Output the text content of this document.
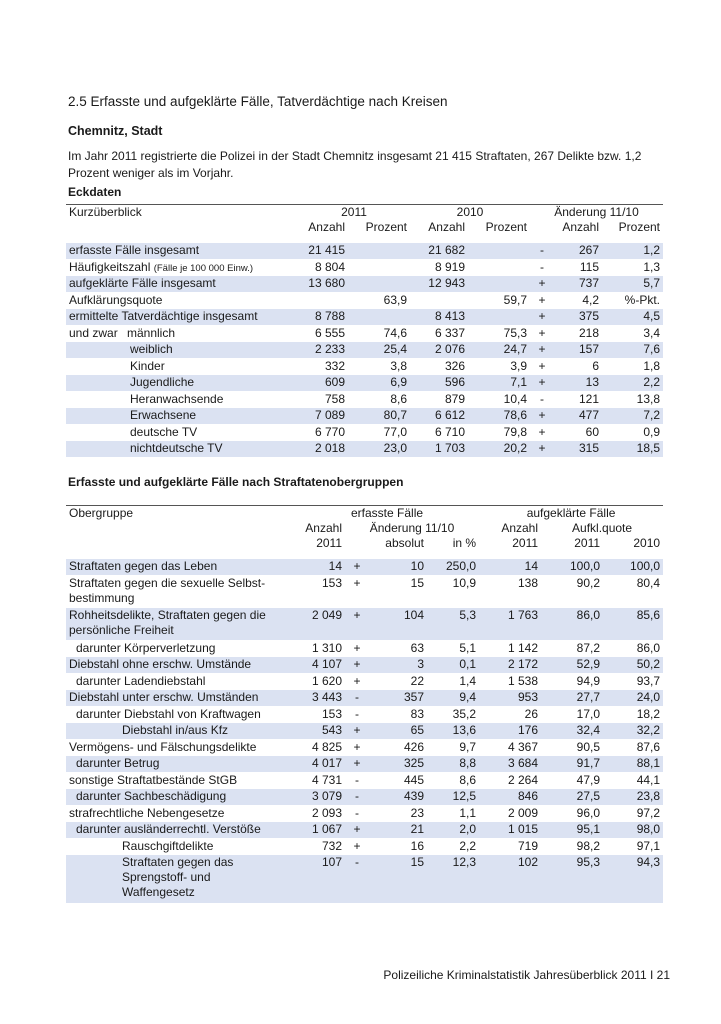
2.5 Erfasste und aufgeklärte Fälle, Tatverdächtige nach Kreisen
Chemnitz, Stadt
Im Jahr 2011 registrierte die Polizei in der Stadt Chemnitz insgesamt 21 415 Straftaten, 267 Delikte bzw. 1,2 Prozent weniger als im Vorjahr.
Eckdaten
Kurzüberblick	2011		2010		Änderung 11/10		
	Anzahl	Prozent	Anzahl	Prozent		Anzahl	Prozent

erfasste Fälle insgesamt	21 415		21 682		-	267	1,2
Häufigkeitszahl (Fälle je 100 000 Einw.)	8 804		8 919		-	115	1,3
aufgeklärte Fälle insgesamt	13 680		12 943		+	737	5,7
Aufklärungsquote		63,9		59,7	+	4,2	%-Pkt.
ermittelte Tatverdächtige insgesamt	8 788		8 413		+	375	4,5
und zwar männlich	6 555	74,6	6 337	75,3	+	218	3,4
weiblich	2 233	25,4	2 076	24,7	+	157	7,6
Kinder	332	3,8	326	3,9	+	6	1,8
Jugendliche	609	6,9	596	7,1	+	13	2,2
Heranwachsende	758	8,6	879	10,4	-	121	13,8
Erwachsene	7 089	80,7	6 612	78,6	+	477	7,2
deutsche TV	6 770	77,0	6 710	79,8	+	60	0,9
nichtdeutsche TV	2 018	23,0	1 703	20,2	+	315	18,5
Erfasste und aufgeklärte Fälle nach Straftatenobergruppen
Obergruppe	erfasste Fälle				aufgeklärte Fälle		
	Anzahl	Änderung 11/10			Anzahl	Aufkl.quote	
	2011		absolut	in %	2011	2011	2010

Straftaten gegen das Leben	14	+	10	250,0	14	100,0	100,0
Straftaten gegen die sexuelle Selbst-bestimmung	153	+	15	10,9	138	90,2	80,4
Rohheitsdelikte, Straftaten gegen die persönliche Freiheit	2 049	+	104	5,3	1 763	86,0	85,6
darunter Körperverletzung	1 310	+	63	5,1	1 142	87,2	86,0
Diebstahl ohne erschw. Umstände	4 107	+	3	0,1	2 172	52,9	50,2
darunter Ladendiebstahl	1 620	+	22	1,4	1 538	94,9	93,7
Diebstahl unter erschw. Umständen	3 443	-	357	9,4	953	27,7	24,0
darunter Diebstahl von Kraftwagen	153	-	83	35,2	26	17,0	18,2
Diebstahl in/aus Kfz	543	+	65	13,6	176	32,4	32,2
Vermögens- und Fälschungsdelikte	4 825	+	426	9,7	4 367	90,5	87,6
darunter Betrug	4 017	+	325	8,8	3 684	91,7	88,1
sonstige Straftatbestände StGB	4 731	-	445	8,6	2 264	47,9	44,1
darunter Sachbeschädigung	3 079	-	439	12,5	846	27,5	23,8
strafrechtliche Nebengesetze	2 093	-	23	1,1	2 009	96,0	97,2
darunter ausländerrechtl. Verstöße	1 067	+	21	2,0	1 015	95,1	98,0
Rauschgiftdelikte	732	+	16	2,2	719	98,2	97,1
Straftaten gegen das Sprengstoff- und Waffengesetz	107	-	15	12,3	102	95,3	94,3
Polizeiliche Kriminalstatistik Jahresüberblick 2011 I 21
